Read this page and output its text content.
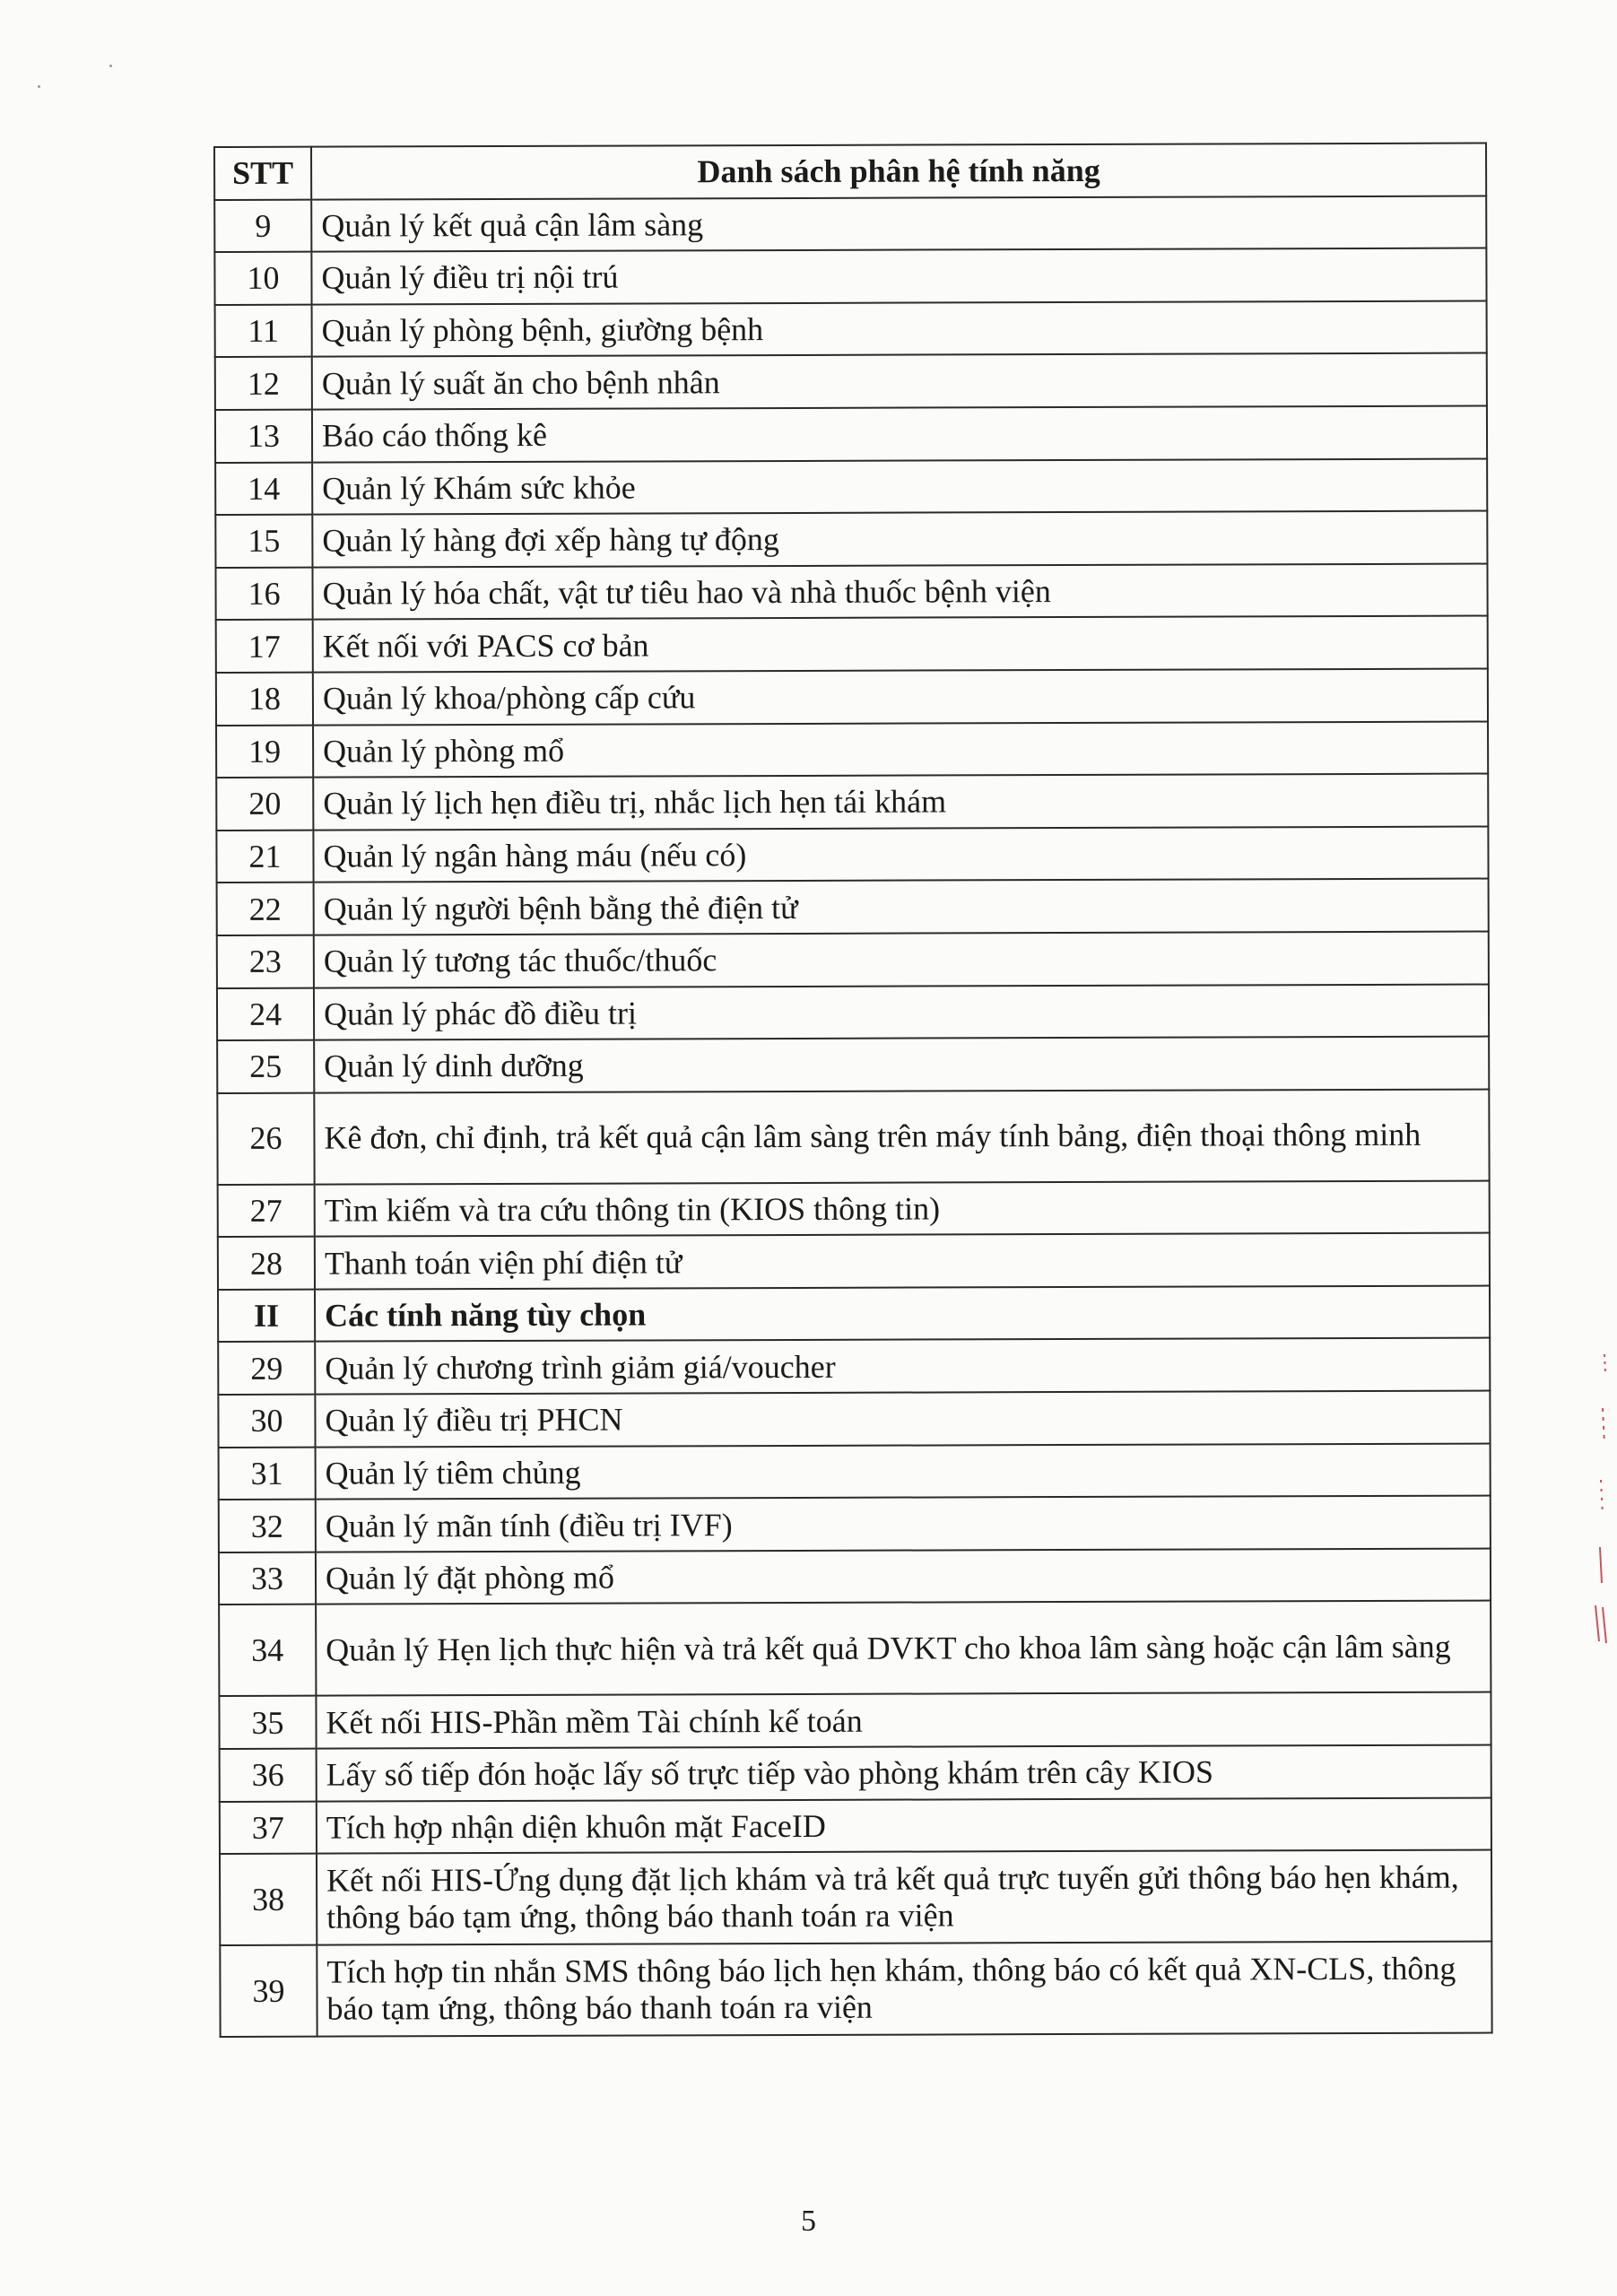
STT	Danh sách phân hệ tính năng
9	Quản lý kết quả cận lâm sàng
10	Quản lý điều trị nội trú
11	Quản lý phòng bệnh, giường bệnh
12	Quản lý suất ăn cho bệnh nhân
13	Báo cáo thống kê
14	Quản lý Khám sức khỏe
15	Quản lý hàng đợi xếp hàng tự động
16	Quản lý hóa chất, vật tư tiêu hao và nhà thuốc bệnh viện
17	Kết nối với PACS cơ bản
18	Quản lý khoa/phòng cấp cứu
19	Quản lý phòng mổ
20	Quản lý lịch hẹn điều trị, nhắc lịch hẹn tái khám
21	Quản lý ngân hàng máu (nếu có)
22	Quản lý người bệnh bằng thẻ điện tử
23	Quản lý tương tác thuốc/thuốc
24	Quản lý phác đồ điều trị
25	Quản lý dinh dưỡng
26	Kê đơn, chỉ định, trả kết quả cận lâm sàng trên máy tính bảng, điện thoại thông minh
27	Tìm kiếm và tra cứu thông tin (KIOS thông tin)
28	Thanh toán viện phí điện tử
II	Các tính năng tùy chọn
29	Quản lý chương trình giảm giá/voucher
30	Quản lý điều trị PHCN
31	Quản lý tiêm chủng
32	Quản lý mãn tính (điều trị IVF)
33	Quản lý đặt phòng mổ
34	Quản lý Hẹn lịch thực hiện và trả kết quả DVKT cho khoa lâm sàng hoặc cận lâm sàng
35	Kết nối HIS-Phần mềm Tài chính kế toán
36	Lấy số tiếp đón hoặc lấy số trực tiếp vào phòng khám trên cây KIOS
37	Tích hợp nhận diện khuôn mặt FaceID
38	Kết nối HIS-Ứng dụng đặt lịch khám và trả kết quả trực tuyến gửi thông báo hẹn khám, thông báo tạm ứng, thông báo thanh toán ra viện
39	Tích hợp tin nhắn SMS thông báo lịch hẹn khám, thông báo có kết quả XN-CLS, thông báo tạm ứng, thông báo thanh toán ra viện
5
